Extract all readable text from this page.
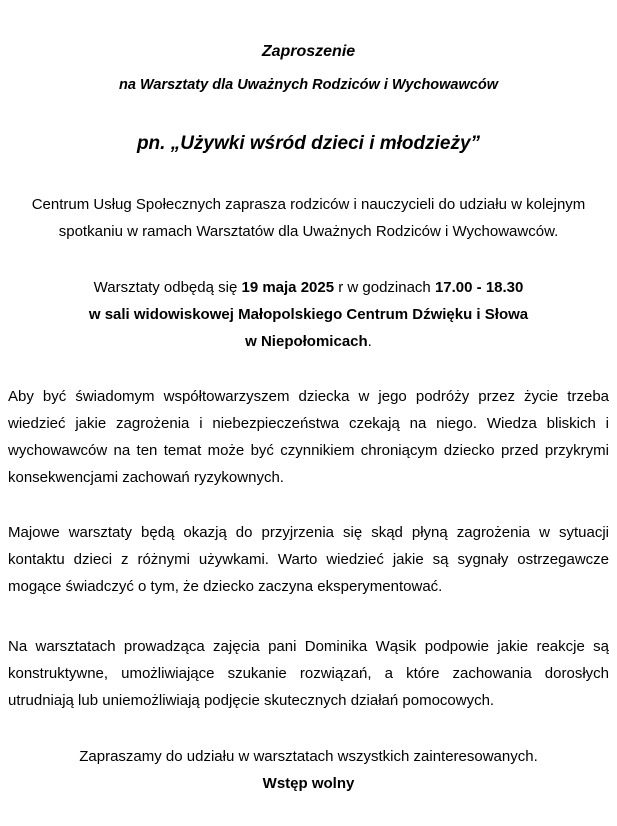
Zaproszenie
na Warsztaty dla Uważnych Rodziców i Wychowawców
pn. „Używki wśród dzieci i młodzieży”

Centrum Usług Społecznych zaprasza rodziców i nauczycieli do udziału w kolejnym spotkaniu w ramach Warsztatów dla Uważnych Rodziców i Wychowawców.

Warsztaty odbędą się 19 maja 2025 r w godzinach 17.00 - 18.30

w sali widowiskowej Małopolskiego Centrum Dźwięku i Słowa

w Niepołomicach.

Aby być świadomym współtowarzyszem dziecka w jego podróży przez życie trzeba wiedzieć jakie zagrożenia i niebezpieczeństwa czekają na niego. Wiedza bliskich i wychowawców na ten temat może być czynnikiem chroniącym dziecko przed przykrymi konsekwencjami zachowań ryzykownych.

Majowe warsztaty będą okazją do przyjrzenia się skąd płyną zagrożenia w sytuacji kontaktu dzieci z różnymi używkami. Warto wiedzieć jakie są sygnały ostrzegawcze mogące świadczyć o tym, że dziecko zaczyna eksperymentować.

Na warsztatach prowadząca zajęcia pani Dominika Wąsik podpowie jakie reakcje są konstruktywne, umożliwiające szukanie rozwiązań, a które zachowania dorosłych utrudniają lub uniemożliwiają podjęcie skutecznych działań pomocowych.

Zapraszamy do udziału w warsztatach wszystkich zainteresowanych.

Wstęp wolny
